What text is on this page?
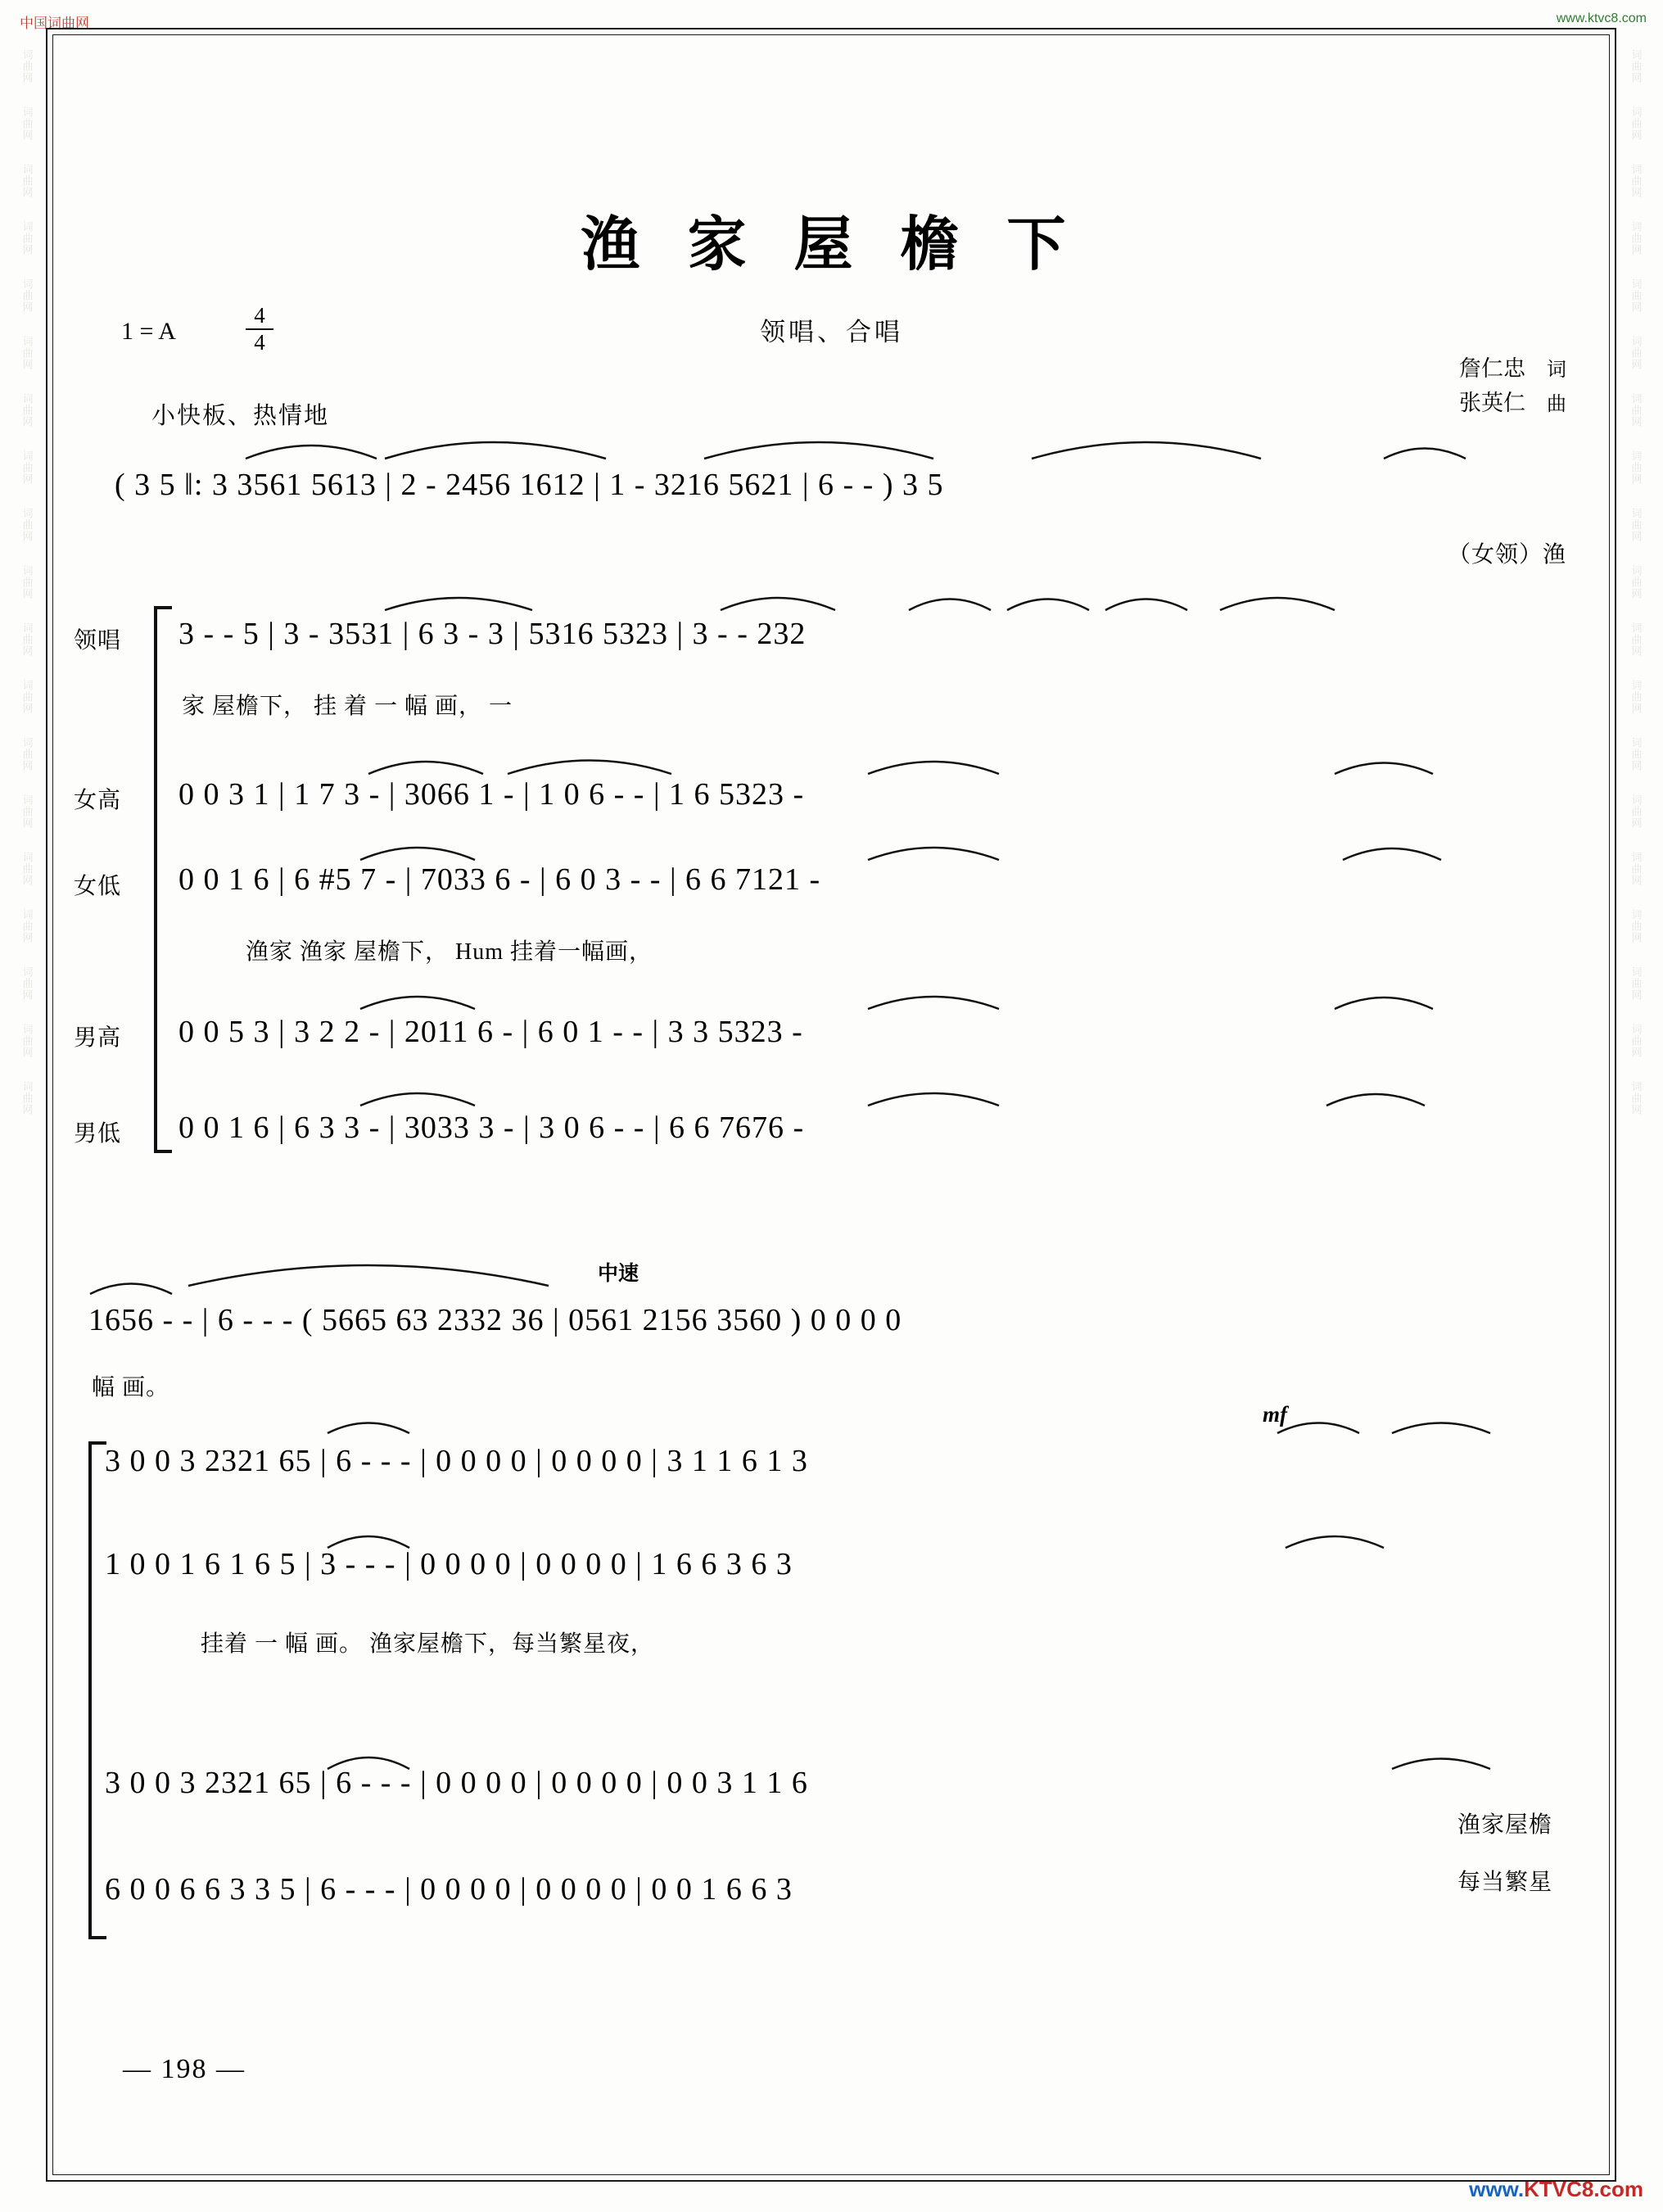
中国词曲网	www.ktvc8.com
词曲网
词曲网
词曲网
词曲网
词曲网
词曲网
词曲网
词曲网
词曲网
词曲网
词曲网
词曲网
词曲网
词曲网
词曲网
词曲网
词曲网
词曲网
词曲网
词曲网
词曲网
词曲网
词曲网
词曲网
词曲网
词曲网
词曲网
词曲网
词曲网
词曲网
词曲网
词曲网
词曲网
词曲网
词曲网
词曲网
词曲网
词曲网
渔 家 屋 檐 下
领唱、合唱
1 = A
4
4
小快板、热情地
詹仁忠 词
张英仁 曲
( 3 5 ‖: 3 3561 5613 | 2 - 2456 1612 | 1 - 3216 5621 | 6 - - ) 3 5
（女领）渔
领唱 3 - - 5 | 3 - 3531 | 6 3 - 3 | 5316 5323 | 3 - - 232
家 屋檐下， 挂 着 一 幅 画， 一
女高 0 0 3 1 | 1 7 3 - | 3066 1 - | 1 0 6 - - | 1 6 5323 -
女低 0 0 1 6 | 6 #5 7 - | 7033 6 - | 6 0 3 - - | 6 6 7121 -
渔家 渔家 屋檐下， Hum 挂着一幅画，
男高 0 0 5 3 | 3 2 2 - | 2011 6 - | 6 0 1 - - | 3 3 5323 -
男低 0 0 1 6 | 6 3 3 - | 3033 3 - | 3 0 6 - - | 6 6 7676 -
中速
1656 - - | 6 - - - ( 5665 63 2332 36 | 0561 2156 3560 ) 0 0 0 0
幅 画。
mf
3 0 0 3 2321 65 | 6 - - - | 0 0 0 0 | 0 0 0 0 | 3 1 1 6 1 3
1 0 0 1 6 1 6 5 | 3 - - - | 0 0 0 0 | 0 0 0 0 | 1 6 6 3 6 3
挂着 一 幅 画。 渔家屋檐下，每当繁星夜，
3 0 0 3 2321 65 | 6 - - - | 0 0 0 0 | 0 0 0 0 | 0 0 3 1 1 6
6 0 0 6 6 3 3 5 | 6 - - - | 0 0 0 0 | 0 0 0 0 | 0 0 1 6 6 3
渔家屋檐
每当繁星
— 198 —
www.KTVC8.com
